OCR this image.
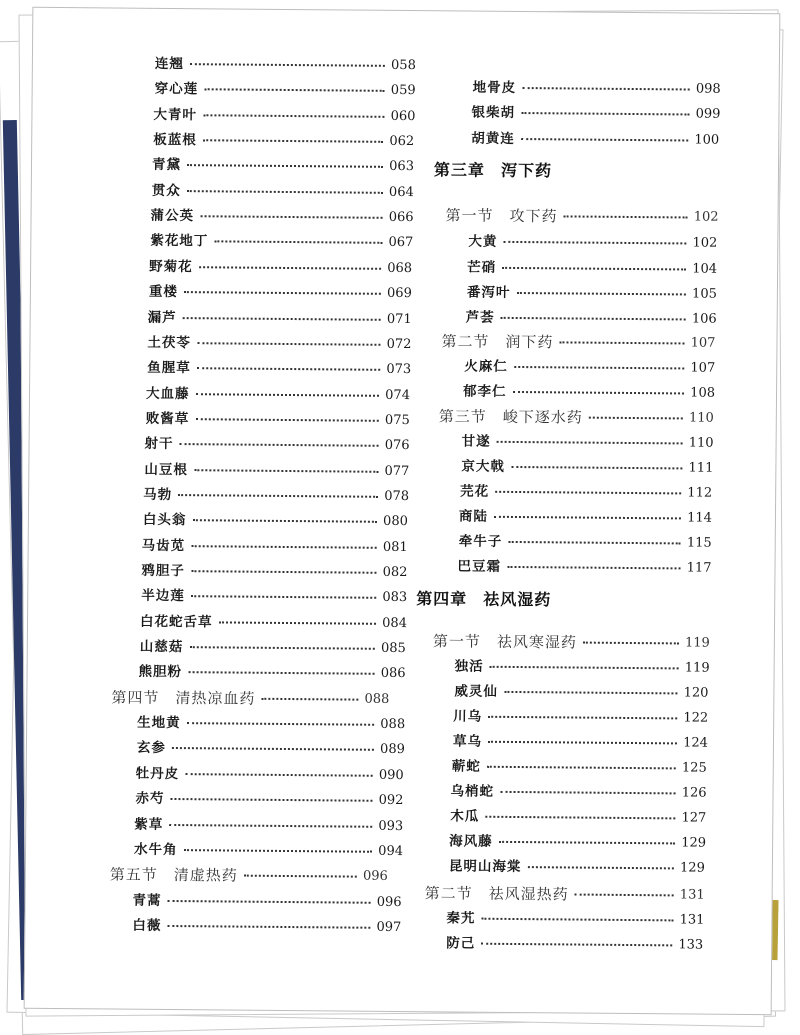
连翘	058
穿心莲	059
大青叶	060
板蓝根	062
青黛	063
贯众	064
蒲公英	066
紫花地丁	067
野菊花	068
重楼	069
漏芦	071
土茯苓	072
鱼腥草	073
大血藤	074
败酱草	075
射干	076
山豆根	077
马勃	078
白头翁	080
马齿苋	081
鸦胆子	082
半边莲	083
白花蛇舌草	084
山慈菇	085
熊胆粉	086
第四节　清热凉血药	088
生地黄	088
玄参	089
牡丹皮	090
赤芍	092
紫草	093
水牛角	094
第五节　清虚热药	096
青蒿	096
白薇	097
地骨皮	098
银柴胡	099
胡黄连	100
第三章 泻下药
第一节　攻下药	102
大黄	102
芒硝	104
番泻叶	105
芦荟	106
第二节　润下药	107
火麻仁	107
郁李仁	108
第三节　峻下逐水药	110
甘遂	110
京大戟	111
芫花	112
商陆	114
牵牛子	115
巴豆霜	117
第四章 祛风湿药
第一节　祛风寒湿药	119
独活	119
威灵仙	120
川乌	122
草乌	124
蕲蛇	125
乌梢蛇	126
木瓜	127
海风藤	129
昆明山海棠	129
第二节　祛风湿热药	131
秦艽	131
防己	133
